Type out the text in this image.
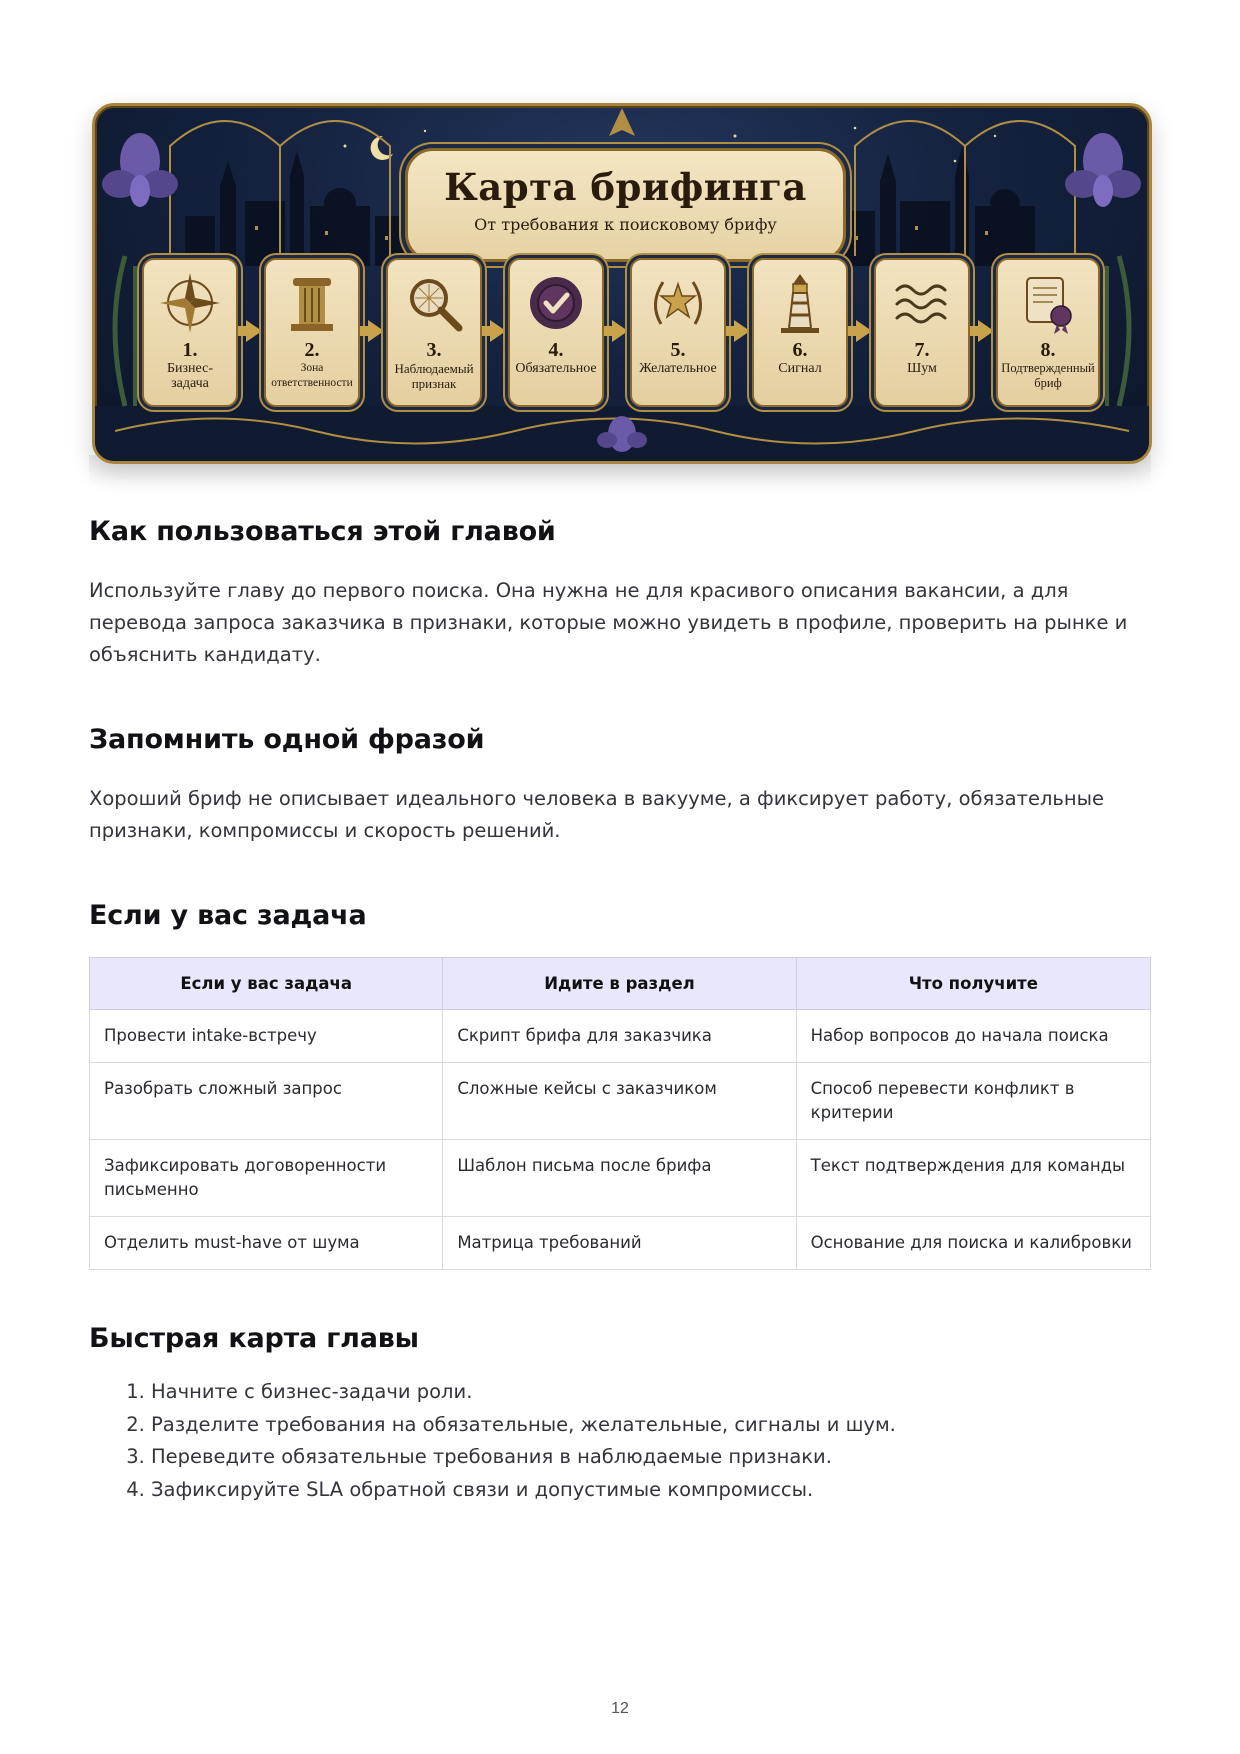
Карта брифинга
От требования к поисковому брифу
1.
Бизнес-
задача
2.
Зона
ответственности
3.
Наблюдаемый
признак
4.
Обязательное
5.
Желательное
6.
Сигнал
7.
Шум
8.
Подтвержденный
бриф
Как пользоваться этой главой

Используйте главу до первого поиска. Она нужна не для красивого описания вакансии, а для перевода запроса заказчика в признаки, которые можно увидеть в профиле, проверить на рынке и объяснить кандидату.

Запомнить одной фразой

Хороший бриф не описывает идеального человека в вакууме, а фиксирует работу, обязательные признаки, компромиссы и скорость решений.

Если у вас задача
Если у вас задача	Идите в раздел	Что получите
Провести intake-встречу	Скрипт брифа для заказчика	Набор вопросов до начала поиска
Разобрать сложный запрос	Сложные кейсы с заказчиком	Способ перевести конфликт в критерии
Зафиксировать договоренности письменно	Шаблон письма после брифа	Текст подтверждения для команды
Отделить must-have от шума	Матрица требований	Основание для поиска и калибровки
Быстрая карта главы
1. Начните с бизнес-задачи роли.
2. Разделите требования на обязательные, желательные, сигналы и шум.
3. Переведите обязательные требования в наблюдаемые признаки.
4. Зафиксируйте SLA обратной связи и допустимые компромиссы.
12
